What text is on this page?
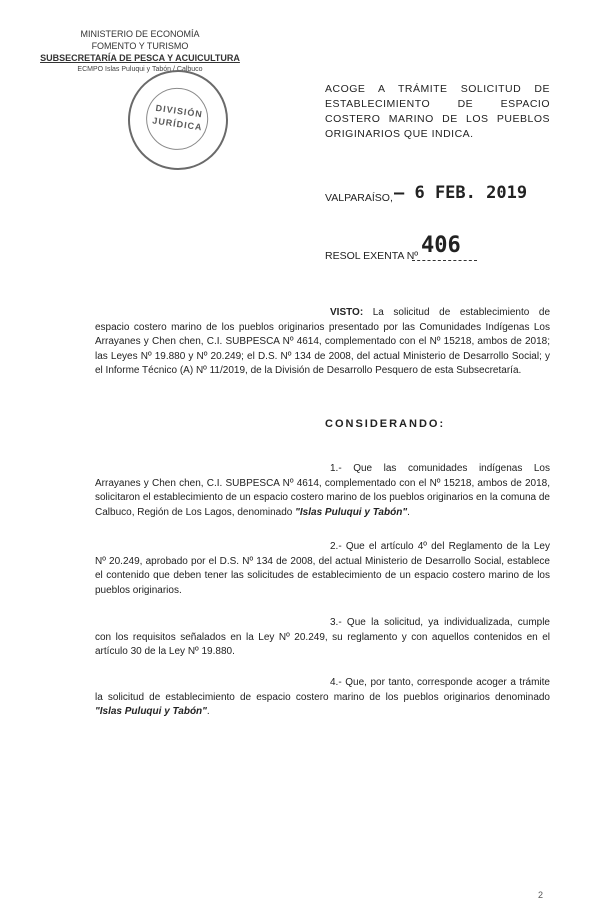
MINISTERIO DE ECONOMÍA
FOMENTO Y TURISMO
SUBSECRETARÍA DE PESCA Y ACUICULTURA
ECMPO Islas Puluqui y Tabón / Calbuco
DIVISIÓN
JURÍDICA
ACOGE A TRÁMITE SOLICITUD DE ESTABLECIMIENTO DE ESPACIO COSTERO MARINO DE LOS PUEBLOS ORIGINARIOS QUE INDICA.
VALPARAÍSO, – 6 FEB. 2019
RESOL EXENTA Nº 406
VISTO: La solicitud de establecimiento de espacio costero marino de los pueblos originarios presentado por las Comunidades Indígenas Los Arrayanes y Chen chen, C.I. SUBPESCA Nº 4614, complementado con el Nº 15218, ambos de 2018; las Leyes Nº 19.880 y Nº 20.249; el D.S. Nº 134 de 2008, del actual Ministerio de Desarrollo Social; y el Informe Técnico (A) Nº 11/2019, de la División de Desarrollo Pesquero de esta Subsecretaría.
CONSIDERANDO:
1.- Que las comunidades indígenas Los Arrayanes y Chen chen, C.I. SUBPESCA Nº 4614, complementado con el Nº 15218, ambos de 2018, solicitaron el establecimiento de un espacio costero marino de los pueblos originarios en la comuna de Calbuco, Región de Los Lagos, denominado "Islas Puluqui y Tabón".
2.- Que el artículo 4º del Reglamento de la Ley Nº 20.249, aprobado por el D.S. Nº 134 de 2008, del actual Ministerio de Desarrollo Social, establece el contenido que deben tener las solicitudes de establecimiento de un espacio costero marino de los pueblos originarios.
3.- Que la solicitud, ya individualizada, cumple con los requisitos señalados en la Ley Nº 20.249, su reglamento y con aquellos contenidos en el artículo 30 de la Ley Nº 19.880.
4.- Que, por tanto, corresponde acoger a trámite la solicitud de establecimiento de espacio costero marino de los pueblos originarios denominado "Islas Puluqui y Tabón".
2
